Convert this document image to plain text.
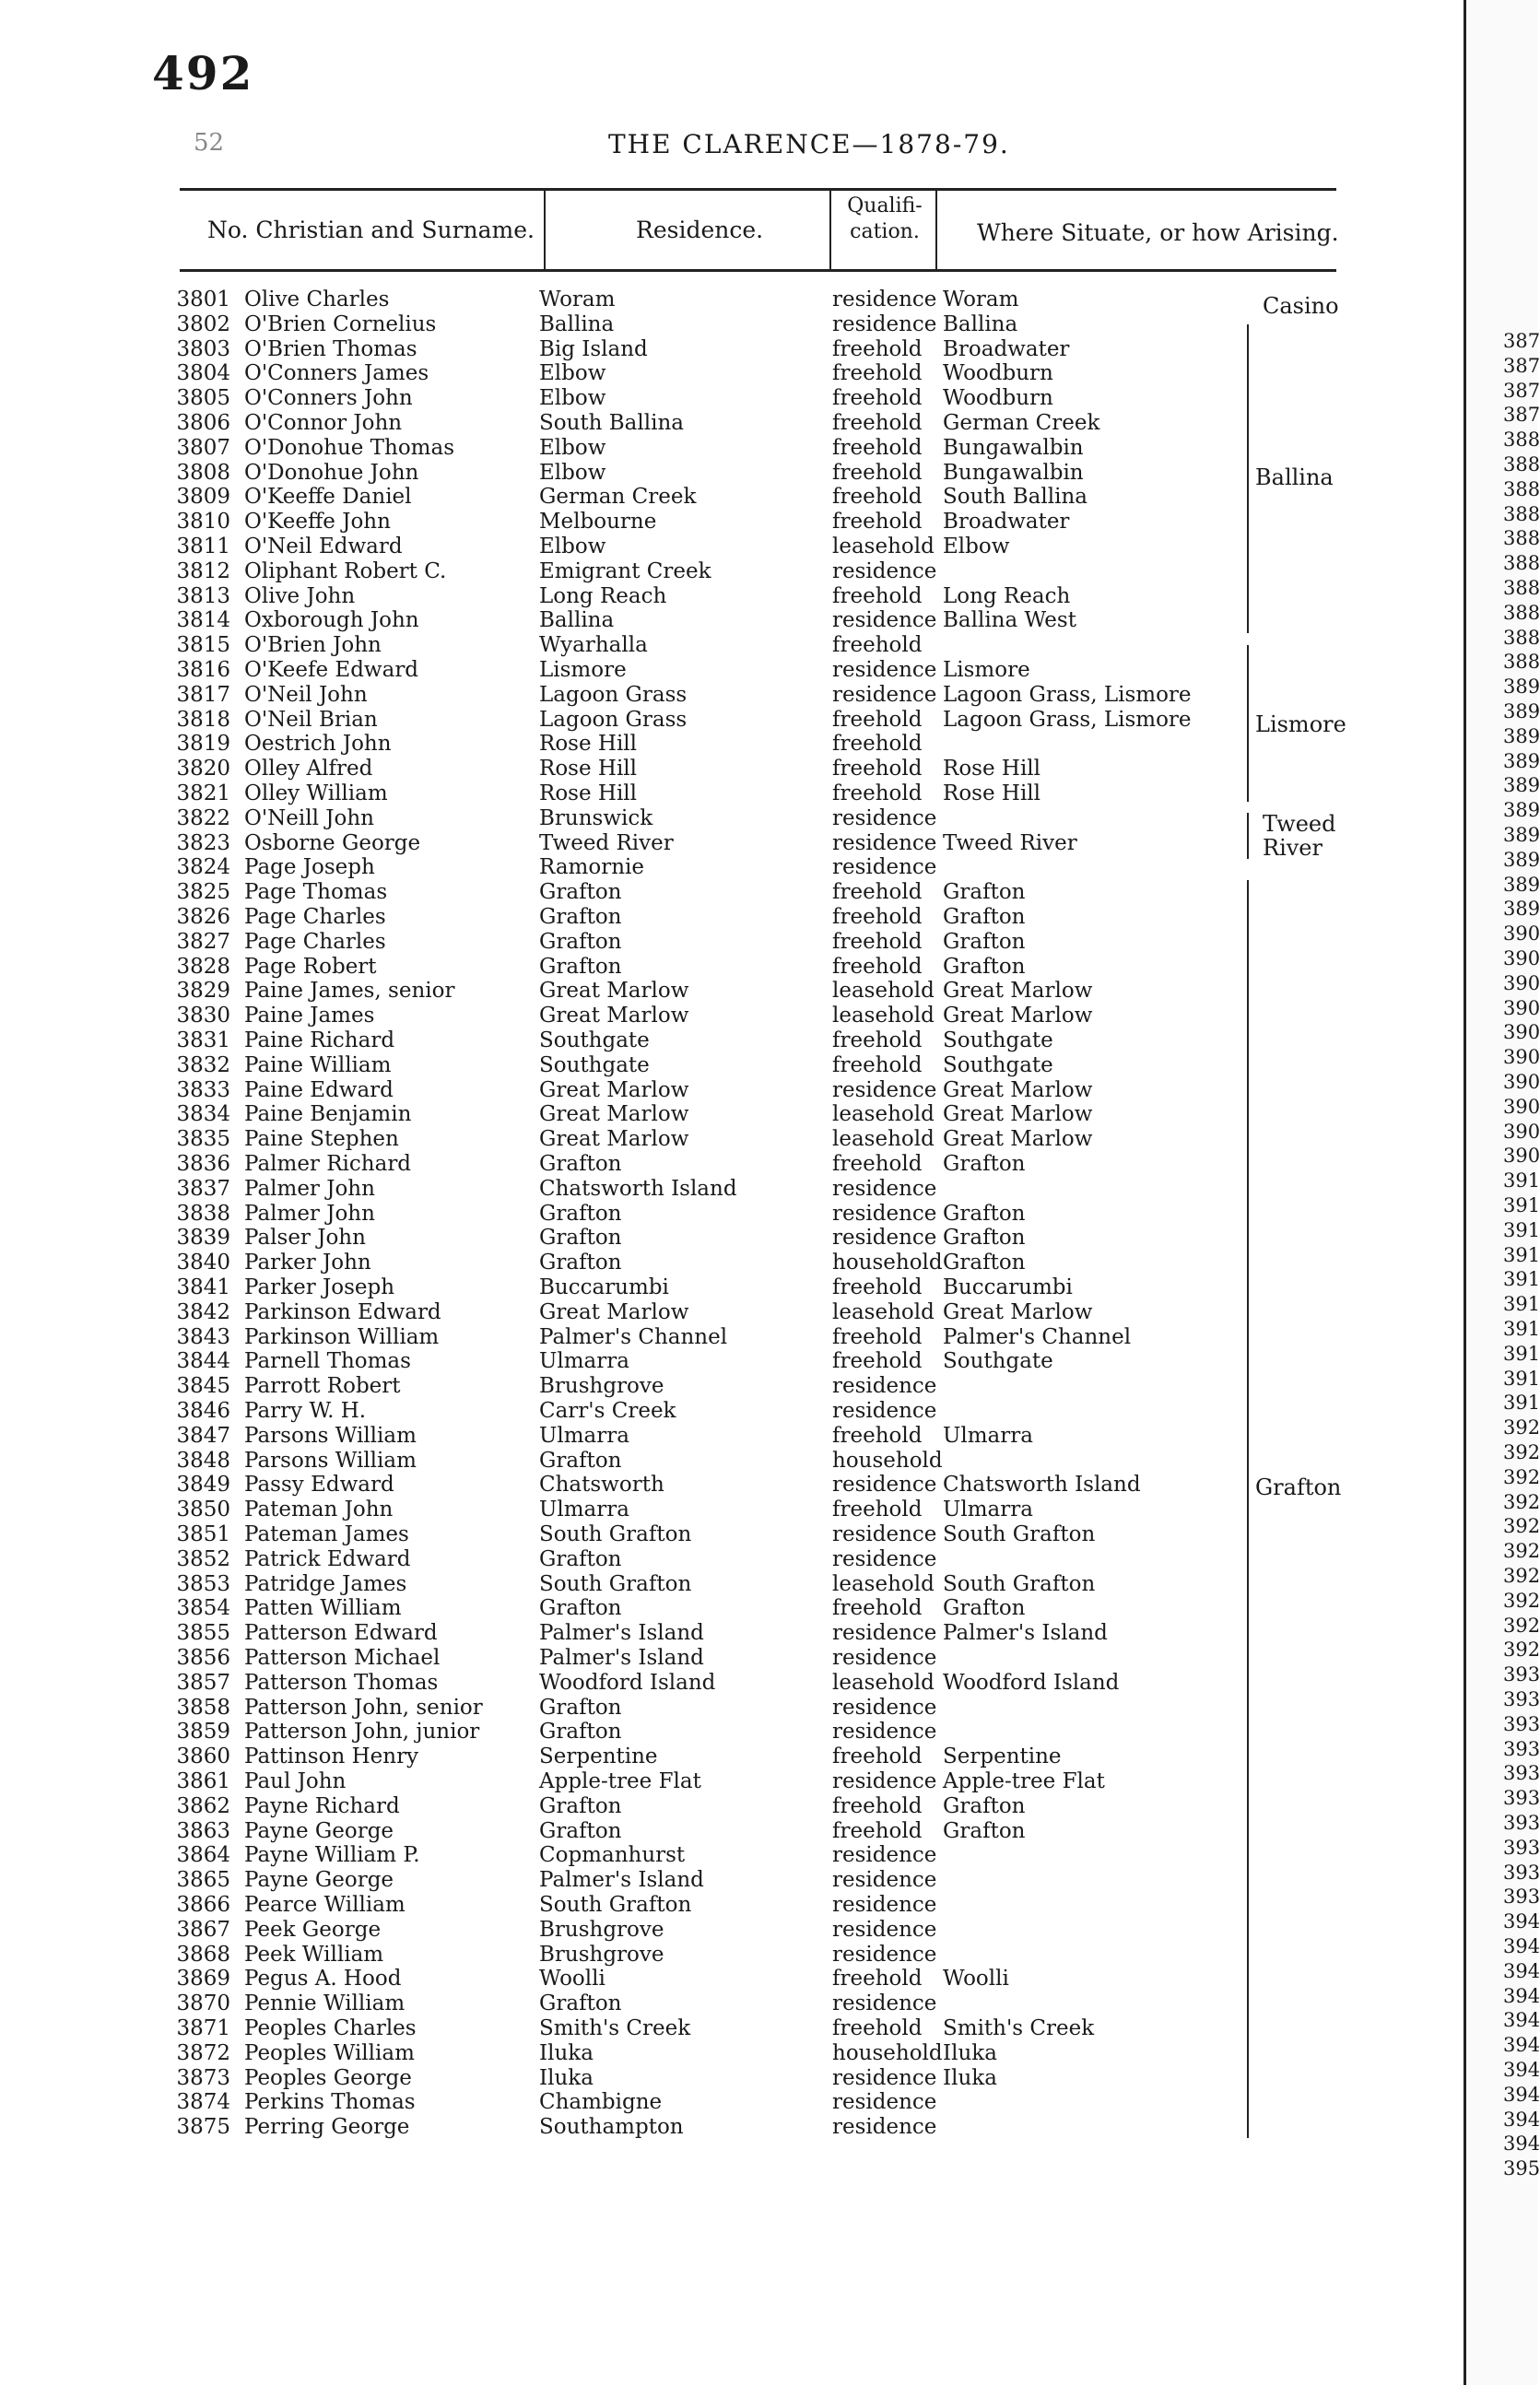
492
52	THE CLARENCE—1878-79.
No. Christian and Surname.	Residence.
Qualifi-
cation.	Where Situate, or how Arising.
3801 Olive Charles	Woram	residence Woram
3802 O'Brien Cornelius	Ballina	residence Ballina
3803 O'Brien Thomas	Big Island	freehold Broadwater
3804 O'Conners James	Elbow	freehold Woodburn
3805 O'Conners John	Elbow	freehold Woodburn
3806 O'Connor John	South Ballina	freehold German Creek
3807 O'Donohue Thomas	Elbow	freehold Bungawalbin
3808 O'Donohue John	Elbow	freehold Bungawalbin
3809 O'Keeffe Daniel	German Creek	freehold South Ballina
3810 O'Keeffe John	Melbourne	freehold Broadwater
3811 O'Neil Edward	Elbow	leasehold Elbow
3812 Oliphant Robert C.	Emigrant Creek	residence
3813 Olive John	Long Reach	freehold Long Reach
3814 Oxborough John	Ballina	residence Ballina West
3815 O'Brien John	Wyarhalla	freehold
3816 O'Keefe Edward	Lismore	residence Lismore
3817 O'Neil John	Lagoon Grass	residence Lagoon Grass, Lismore
3818 O'Neil Brian	Lagoon Grass	freehold Lagoon Grass, Lismore
3819 Oestrich John	Rose Hill	freehold
3820 Olley Alfred	Rose Hill	freehold Rose Hill
3821 Olley William	Rose Hill	freehold Rose Hill
3822 O'Neill John	Brunswick	residence
3823 Osborne George	Tweed River	residence Tweed River
3824 Page Joseph	Ramornie	residence
3825 Page Thomas	Grafton	freehold Grafton
3826 Page Charles	Grafton	freehold Grafton
3827 Page Charles	Grafton	freehold Grafton
3828 Page Robert	Grafton	freehold Grafton
3829 Paine James, senior	Great Marlow	leasehold Great Marlow
3830 Paine James	Great Marlow	leasehold Great Marlow
3831 Paine Richard	Southgate	freehold Southgate
3832 Paine William	Southgate	freehold Southgate
3833 Paine Edward	Great Marlow	residence Great Marlow
3834 Paine Benjamin	Great Marlow	leasehold Great Marlow
3835 Paine Stephen	Great Marlow	leasehold Great Marlow
3836 Palmer Richard	Grafton	freehold Grafton
3837 Palmer John	Chatsworth Island	residence
3838 Palmer John	Grafton	residence Grafton
3839 Palser John	Grafton	residence Grafton
3840 Parker John	Grafton	household Grafton
3841 Parker Joseph	Buccarumbi	freehold Buccarumbi
3842 Parkinson Edward	Great Marlow	leasehold Great Marlow
3843 Parkinson William	Palmer's Channel	freehold Palmer's Channel
3844 Parnell Thomas	Ulmarra	freehold Southgate
3845 Parrott Robert	Brushgrove	residence
3846 Parry W. H.	Carr's Creek	residence
3847 Parsons William	Ulmarra	freehold Ulmarra
3848 Parsons William	Grafton	household
3849 Passy Edward	Chatsworth	residence Chatsworth Island
3850 Pateman John	Ulmarra	freehold Ulmarra
3851 Pateman James	South Grafton	residence South Grafton
3852 Patrick Edward	Grafton	residence
3853 Patridge James	South Grafton	leasehold South Grafton
3854 Patten William	Grafton	freehold Grafton
3855 Patterson Edward	Palmer's Island	residence Palmer's Island
3856 Patterson Michael	Palmer's Island	residence
3857 Patterson Thomas	Woodford Island	leasehold Woodford Island
3858 Patterson John, senior	Grafton	residence
3859 Patterson John, junior	Grafton	residence
3860 Pattinson Henry	Serpentine	freehold Serpentine
3861 Paul John	Apple-tree Flat	residence Apple-tree Flat
3862 Payne Richard	Grafton	freehold Grafton
3863 Payne George	Grafton	freehold Grafton
3864 Payne William P.	Copmanhurst	residence
3865 Payne George	Palmer's Island	residence
3866 Pearce William	South Grafton	residence
3867 Peek George	Brushgrove	residence
3868 Peek William	Brushgrove	residence
3869 Pegus A. Hood	Woolli	freehold Woolli
3870 Pennie William	Grafton	residence
3871 Peoples Charles	Smith's Creek	freehold Smith's Creek
3872 Peoples William	Iluka	household Iluka
3873 Peoples George	Iluka	residence Iluka
3874 Perkins Thomas	Chambigne	residence
3875 Perring George	Southampton	residence
Casino
Ballina
Lismore
Tweed
River
Grafton
387
387
387
387
388
388
388
388
388
388
388
388
388
388
389
389
389
389
389
389
389
389
389
389
390
390
390
390
390
390
390
390
390
390
391
391
391
391
391
391
391
391
391
391
392
392
392
392
392
392
392
392
392
392
393
393
393
393
393
393
393
393
393
393
394
394
394
394
394
394
394
394
394
394
395
